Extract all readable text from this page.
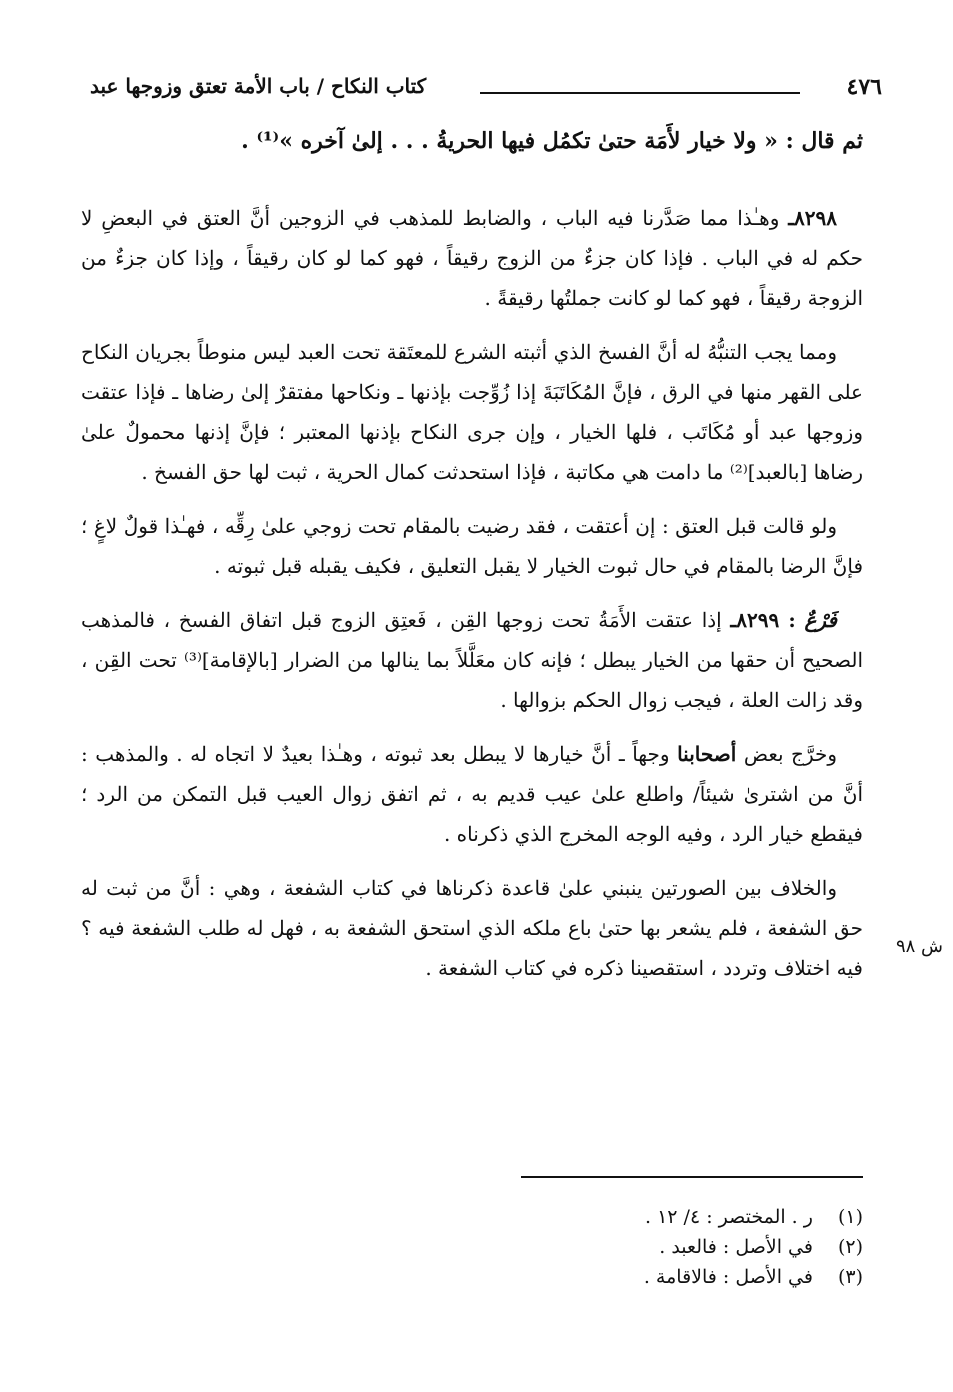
٤٧٦
كتاب النكاح / باب الأمة تعتق وزوجها عبد
ثم قال : « ولا خيار لأَمَة حتىٰ تكمُل فيها الحريةُ . . . إلىٰ آخره »⁽¹⁾ .

٨٢٩٨ـ وهـٰذا مما صَدَّرنا فيه الباب ، والضابط للمذهب في الزوجين أنَّ العتق في البعضِ لا حكم له في الباب . فإذا كان جزءٌ من الزوج رقيقاً ، فهو كما لو كان رقيقاً ، وإذا كان جزءٌ من الزوجة رقيقاً ، فهو كما لو كانت جملتُها رقيقةً .

ومما يجب التنبُّهُ له أنَّ الفسخ الذي أثبته الشرع للمعتَقة تحت العبد ليس منوطاً بجريان النكاح على القهر منها في الرق ، فإنَّ المُكَاتَبَةَ إذا زُوِّجت بإذنها ـ ونكاحها مفتقرٌ إلىٰ رضاها ـ فإذا عتقت وزوجها عبد أو مُكَاتَب ، فلها الخيار ، وإن جرى النكاح بإذنها المعتبر ؛ فإنَّ إذنها محمولٌ علىٰ رضاها [بالعبد]⁽²⁾ ما دامت هي مكاتبة ، فإذا استحدثت كمال الحرية ، ثبت لها حق الفسخ .

ولو قالت قبل العتق : إن أعتقت ، فقد رضيت بالمقام تحت زوجي علىٰ رِقِّه ، فهـٰذا قولٌ لاغٍ ؛ فإنَّ الرضا بالمقام في حال ثبوت الخيار لا يقبل التعليق ، فكيف يقبله قبل ثبوته .

فَرْعٌ : ٨٢٩٩ـ إذا عتقت الأَمَةُ تحت زوجها القِن ، فَعتِق الزوج قبل اتفاق الفسخ ، فالمذهب الصحيح أن حقها من الخيار يبطل ؛ فإنه كان معَلَّلاً بما ينالها من الضرار [بالإقامة]⁽³⁾ تحت القِن ، وقد زالت العلة ، فيجب زوال الحكم بزوالها .

وخرَّج بعض أصحابنا وجهاً ـ أنَّ خيارها لا يبطل بعد ثبوته ، وهـٰذا بعيدٌ لا اتجاه له . والمذهب : أنَّ من اشترىٰ شيئاً/ واطلع علىٰ عيب قديم به ، ثم اتفق زوال العيب قبل التمكن من الرد ؛ فيقطع خيار الرد ، وفيه الوجه المخرج الذي ذكرناه .

والخلاف بين الصورتين ينبني علىٰ قاعدة ذكرناها في كتاب الشفعة ، وهي : أنَّ من ثبت له حق الشفعة ، فلم يشعر بها حتىٰ باع ملكه الذي استحق الشفعة به ، فهل له طلب الشفعة فيه ؟ فيه اختلاف وتردد ، استقصينا ذكره في كتاب الشفعة .

ش ٩٨
(١) ر . المختصر : ٤/ ١٢ .
(٢) في الأصل : فالعبد .
(٣) في الأصل : فالاقامة .
